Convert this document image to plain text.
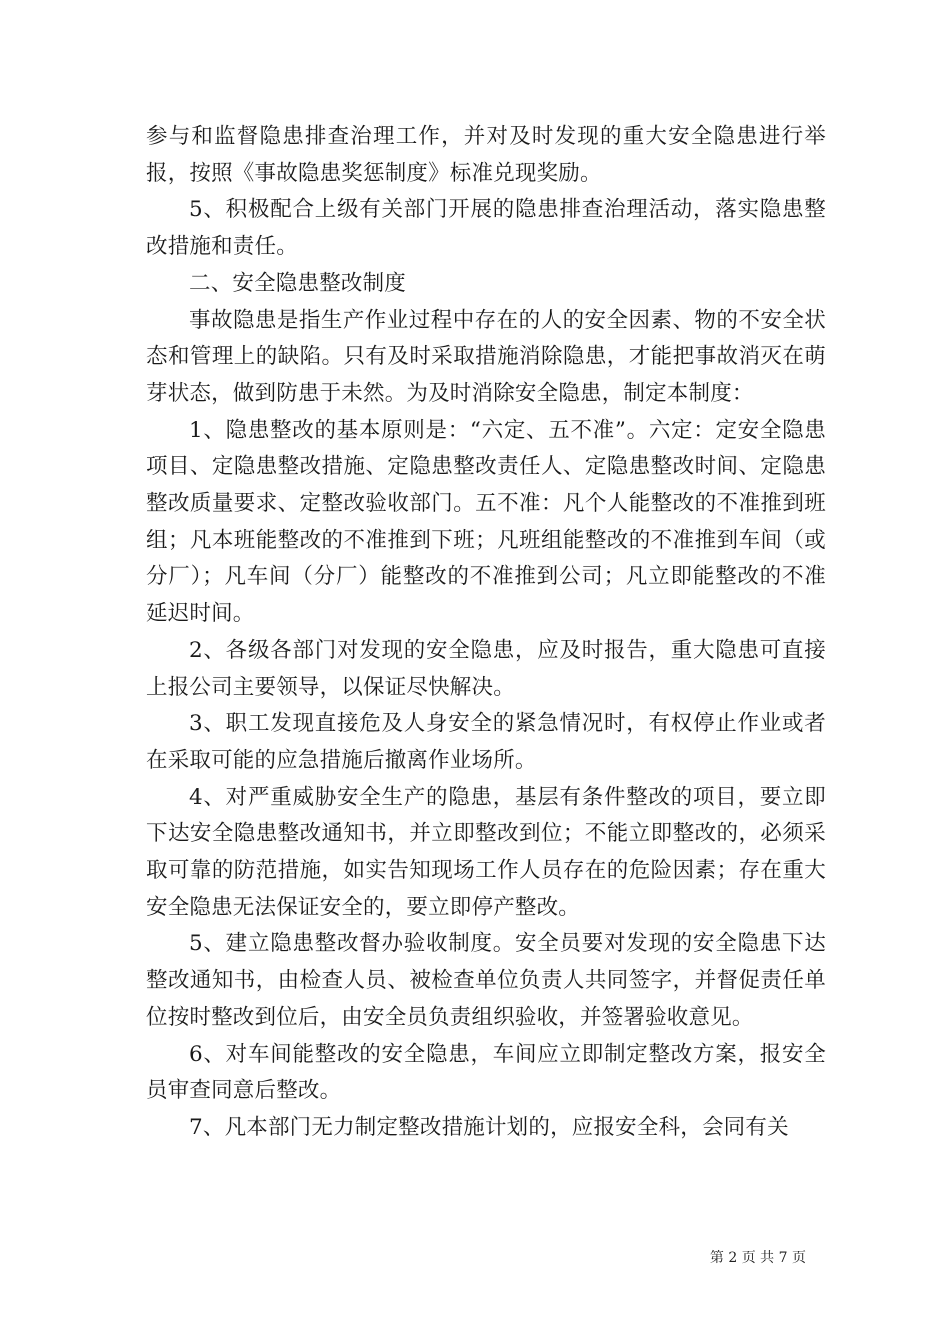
参与和监督隐患排查治理工作，并对及时发现的重大安全隐患进行举报，按照《事故隐患奖惩制度》标准兑现奖励。

5、积极配合上级有关部门开展的隐患排查治理活动，落实隐患整改措施和责任。

二、安全隐患整改制度

事故隐患是指生产作业过程中存在的人的安全因素、物的不安全状态和管理上的缺陷。只有及时采取措施消除隐患，才能把事故消灭在萌芽状态，做到防患于未然。为及时消除安全隐患，制定本制度：

1、隐患整改的基本原则是：“六定、五不准”。六定：定安全隐患项目、定隐患整改措施、定隐患整改责任人、定隐患整改时间、定隐患整改质量要求、定整改验收部门。五不准：凡个人能整改的不准推到班组；凡本班能整改的不准推到下班；凡班组能整改的不准推到车间（或分厂）；凡车间（分厂）能整改的不准推到公司；凡立即能整改的不准延迟时间。

2、各级各部门对发现的安全隐患，应及时报告，重大隐患可直接上报公司主要领导，以保证尽快解决。

3、职工发现直接危及人身安全的紧急情况时，有权停止作业或者在采取可能的应急措施后撤离作业场所。

4、对严重威胁安全生产的隐患，基层有条件整改的项目，要立即下达安全隐患整改通知书，并立即整改到位；不能立即整改的，必须采取可靠的防范措施，如实告知现场工作人员存在的危险因素；存在重大安全隐患无法保证安全的，要立即停产整改。

5、建立隐患整改督办验收制度。安全员要对发现的安全隐患下达整改通知书，由检查人员、被检查单位负责人共同签字，并督促责任单位按时整改到位后，由安全员负责组织验收，并签署验收意见。

6、对车间能整改的安全隐患，车间应立即制定整改方案，报安全员审查同意后整改。

7、凡本部门无力制定整改措施计划的，应报安全科，会同有关

第 2 页 共 7 页
